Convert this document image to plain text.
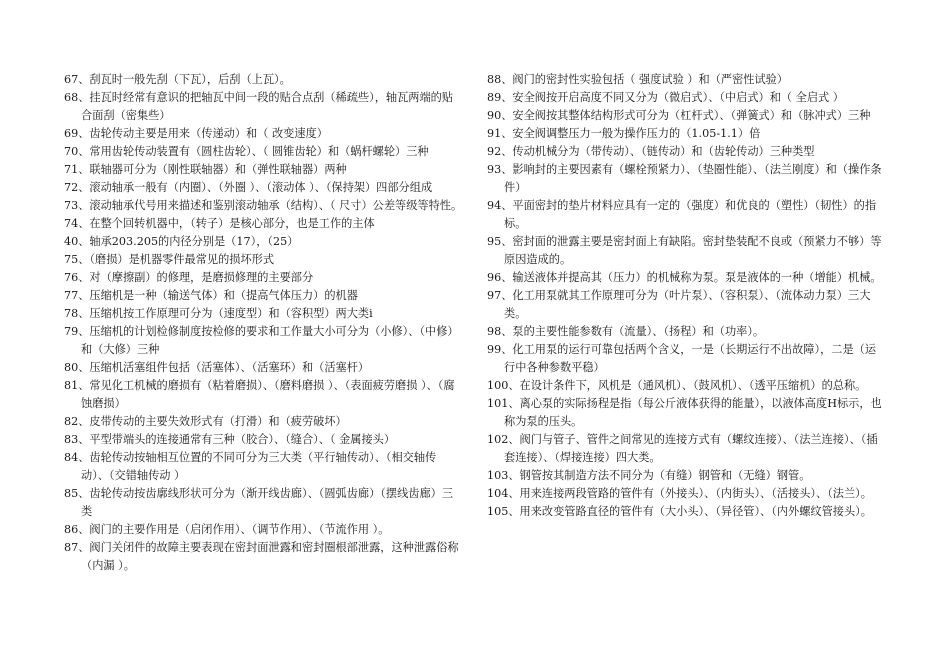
67、刮瓦时一般先刮（下瓦），后刮（上瓦）。
68、挂瓦时经常有意识的把轴瓦中间一段的贴合点刮（稀疏些），轴瓦两端的贴合面刮（密集些）
69、齿轮传动主要是用来（传递动）和（ 改变速度）
70、常用齿轮传动装置有（圆柱齿轮）、（ 圆锥齿轮）和（蜗杆螺轮）三种
71、联轴器可分为（刚性联轴器）和（弹性联轴器）两种
72、滚动轴承一般有（内圈）、（外圈 ）、（滚动体 ）、（保持架）四部分组成
73、滚动轴承代号用来描述和鉴别滚动轴承（结构）、（ 尺寸）公差等级等特性。
74、在整个回转机器中，（转子）是核心部分，也是工作的主体
40、轴承203.205的内径分别是（17），（25）
75、（磨损）是机器零件最常见的损坏形式
76、对（摩擦副）的修理，是磨损修理的主要部分
77、压缩机是一种（输送气体）和（提高气体压力）的机器
78、压缩机按工作原理可分为（速度型）和（容积型）两大类i
79、压缩机的计划检修制度按检修的要求和工作量大小可分为（小修）、（中修）和（大修）三种
80、压缩机活塞组件包括（活塞体）、（活塞环）和（活塞杆）
81、常见化工机械的磨损有（粘着磨损）、（磨料磨损 ）、（表面疲劳磨损 ）、（腐蚀磨损）
82、皮带传动的主要失效形式有（打滑）和（疲劳破坏）
83、平型带端头的连接通常有三种（胶合）、（缝合）、（ 金属接头）
84、齿轮传动按轴相互位置的不同可分为三大类（平行轴传动）、（相交轴传动）、（交错轴传动 ）
85、齿轮传动按齿廓线形状可分为（渐开线齿廊）、（圆弧齿廊）（摆线齿廊）三类
86、阀门的主要作用是（启闭作用）、（调节作用）、（节流作用 ）。
87、阀门关闭件的故障主要表现在密封面泄露和密封圈根部泄露，这种泄露俗称（内漏 ）。
88、阀门的密封性实验包括（ 强度试验 ）和（严密性试验）
89、安全阀按开启高度不同又分为（微启式）、（中启式）和（ 全启式 ）
90、安全阀按其整体结构形式可分为（杠杆式）、（弹簧式）和（脉冲式）三种
91、安全阀调整压力一般为操作压力的（1.05-1.1）倍
92、传动机械分为（带传动）、（链传动）和（齿轮传动）三种类型
93、影响封的主要因素有（螺栓预紧力）、（垫圈性能）、（法兰刚度）和（操作条件）
94、平面密封的垫片材料应具有一定的（强度）和优良的（塑性）（韧性）的指标。
95、密封面的泄露主要是密封面上有缺陷。密封垫装配不良或（预紧力不够）等原因造成的。
96、输送液体并提高其（压力）的机械称为泵。泵是液体的一种（增能）机械。
97、化工用泵就其工作原理可分为（叶片泵）、（容积泵）、（流体动力泵）三大类。
98、泵的主要性能参数有（流量）、（扬程）和（功率）。
99、化工用泵的运行可靠包括两个含义，一是（长期运行不出故障），二是（运行中各种参数平稳）
100、在设计条件下，风机是（通风机）、（鼓风机）、（透平压缩机）的总称。
101、离心泵的实际扬程是指（每公斤液体获得的能量），以液体高度H标示，也称为泵的压头。
102、阀门与管子、管件之间常见的连接方式有（螺纹连接）、（法兰连接）、（插套连接）、（焊接连接）四大类。
103、钢管按其制造方法不同分为（有缝）钢管和（无缝）钢管。
104、用来连接两段管路的管件有（外接头）、（内街头）、（活接头）、（法兰）。
105、用来改变管路直径的管件有（大小头）、（异径管）、（内外螺纹管接头）。
